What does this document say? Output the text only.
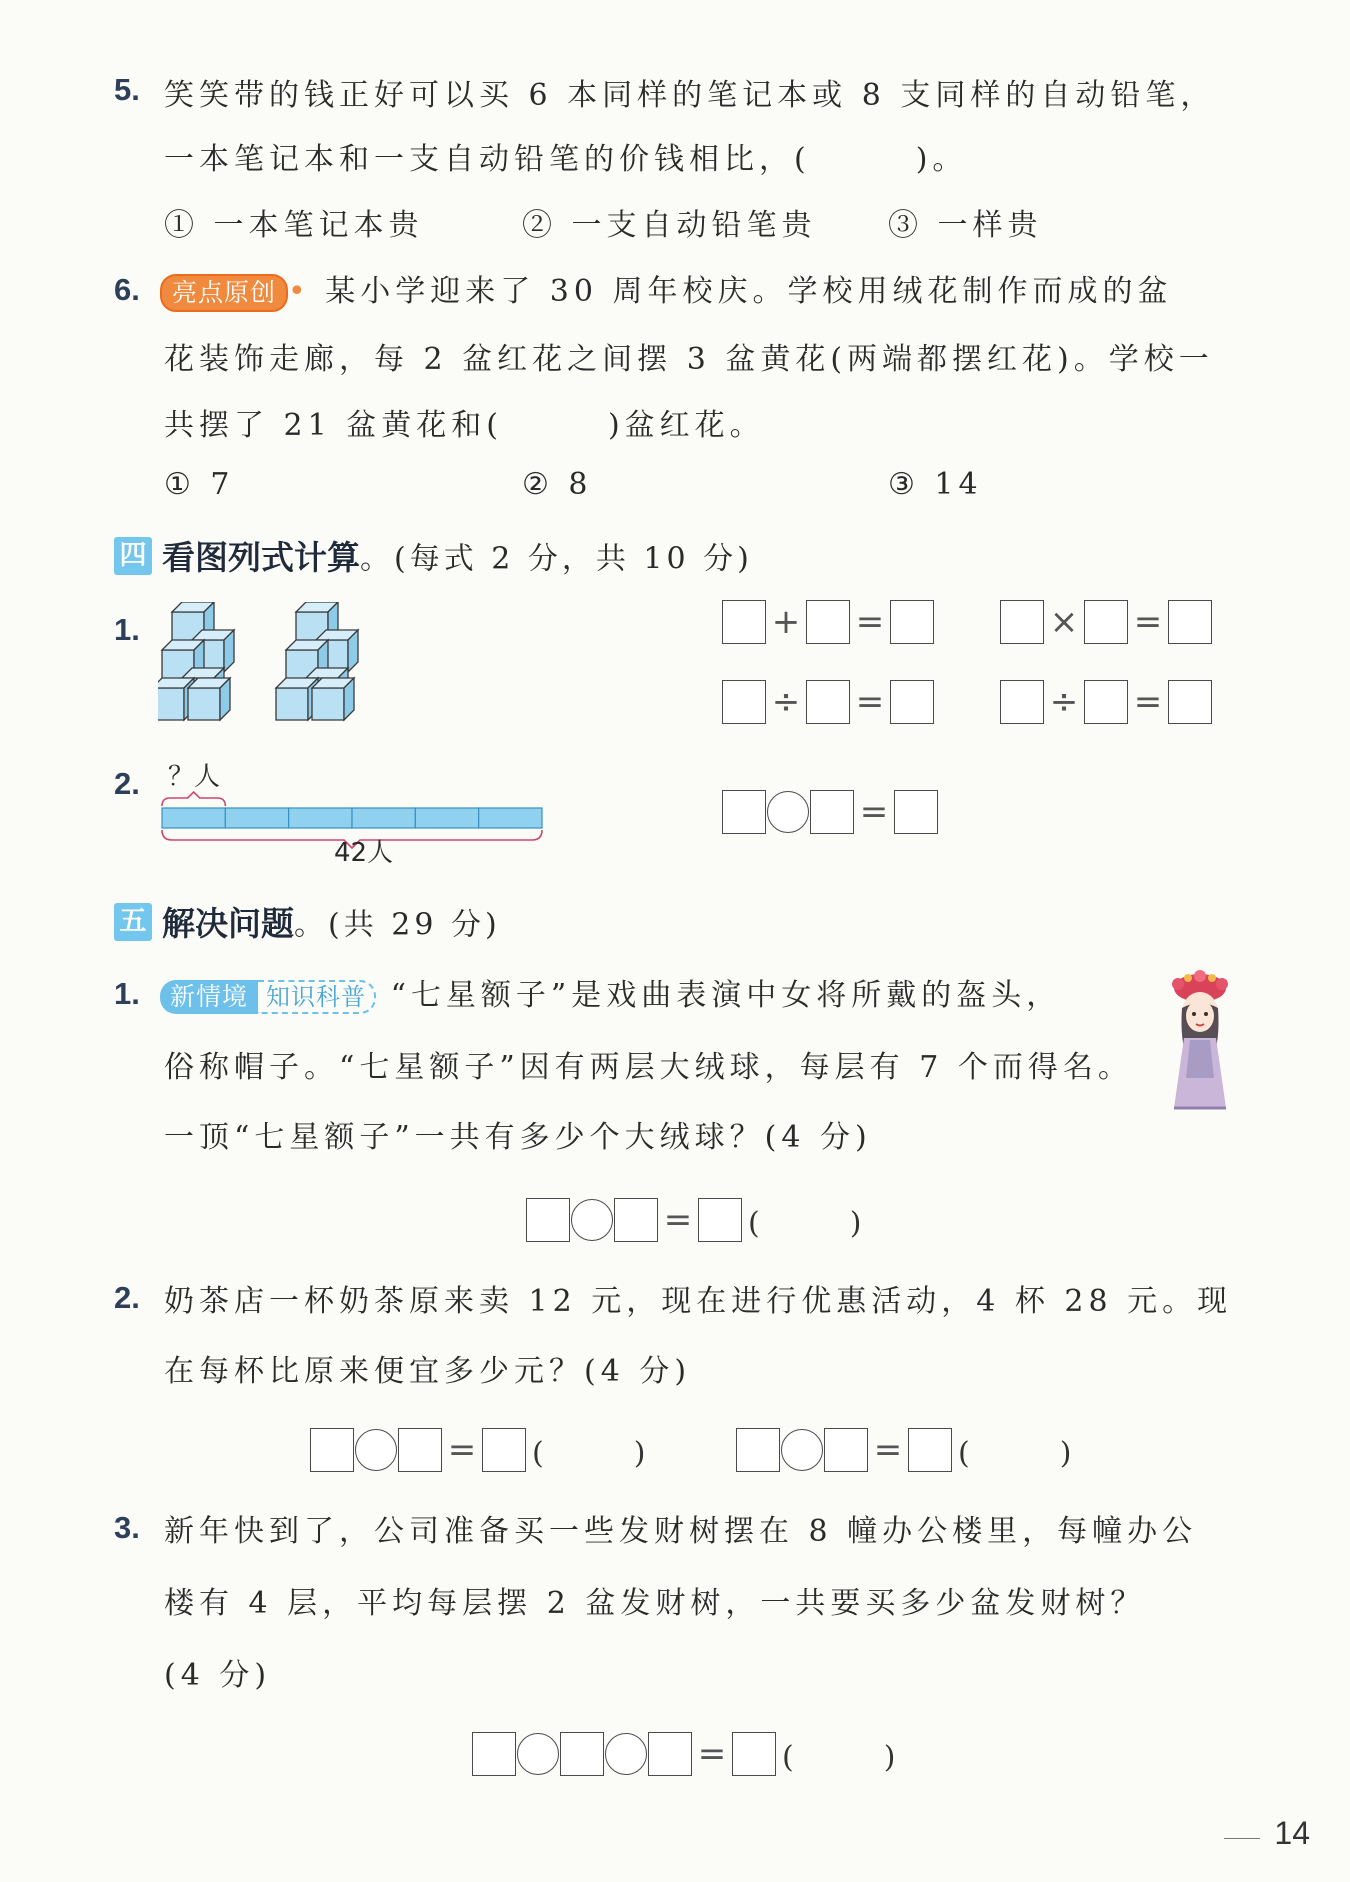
5. 笑笑带的钱正好可以买 6 本同样的笔记本或 8 支同样的自动铅笔，
一本笔记本和一支自动铅笔的价钱相比，(　　　)。
① 一本笔记本贵	② 一支自动铅笔贵 ③ 一样贵
6.	亮点原创 • 某小学迎来了 30 周年校庆。学校用绒花制作而成的盆
花装饰走廊，每 2 盆红花之间摆 3 盆黄花(两端都摆红花)。学校一
共摆了 21 盆黄花和(　　　)盆红花。
① 7	② 8	③ 14
四 看图列式计算。(每式 2 分，共 10 分)
1.	+ =	× =
÷ =	÷ =
2. ？人
42人
=
五 解决问题。(共 29 分)
1.	新情境 知识科普 “七星额子”是戏曲表演中女将所戴的盔头，
俗称帽子。“七星额子”因有两层大绒球，每层有 7 个而得名。
一顶“七星额子”一共有多少个大绒球？(4 分)
= (　　　)
2. 奶茶店一杯奶茶原来卖 12 元，现在进行优惠活动，4 杯 28 元。现
在每杯比原来便宜多少元？(4 分)
= (　　　)	= (　　　)
3. 新年快到了，公司准备买一些发财树摆在 8 幢办公楼里，每幢办公
楼有 4 层，平均每层摆 2 盆发财树，一共要买多少盆发财树？
(4 分)
= (　　　)
14
